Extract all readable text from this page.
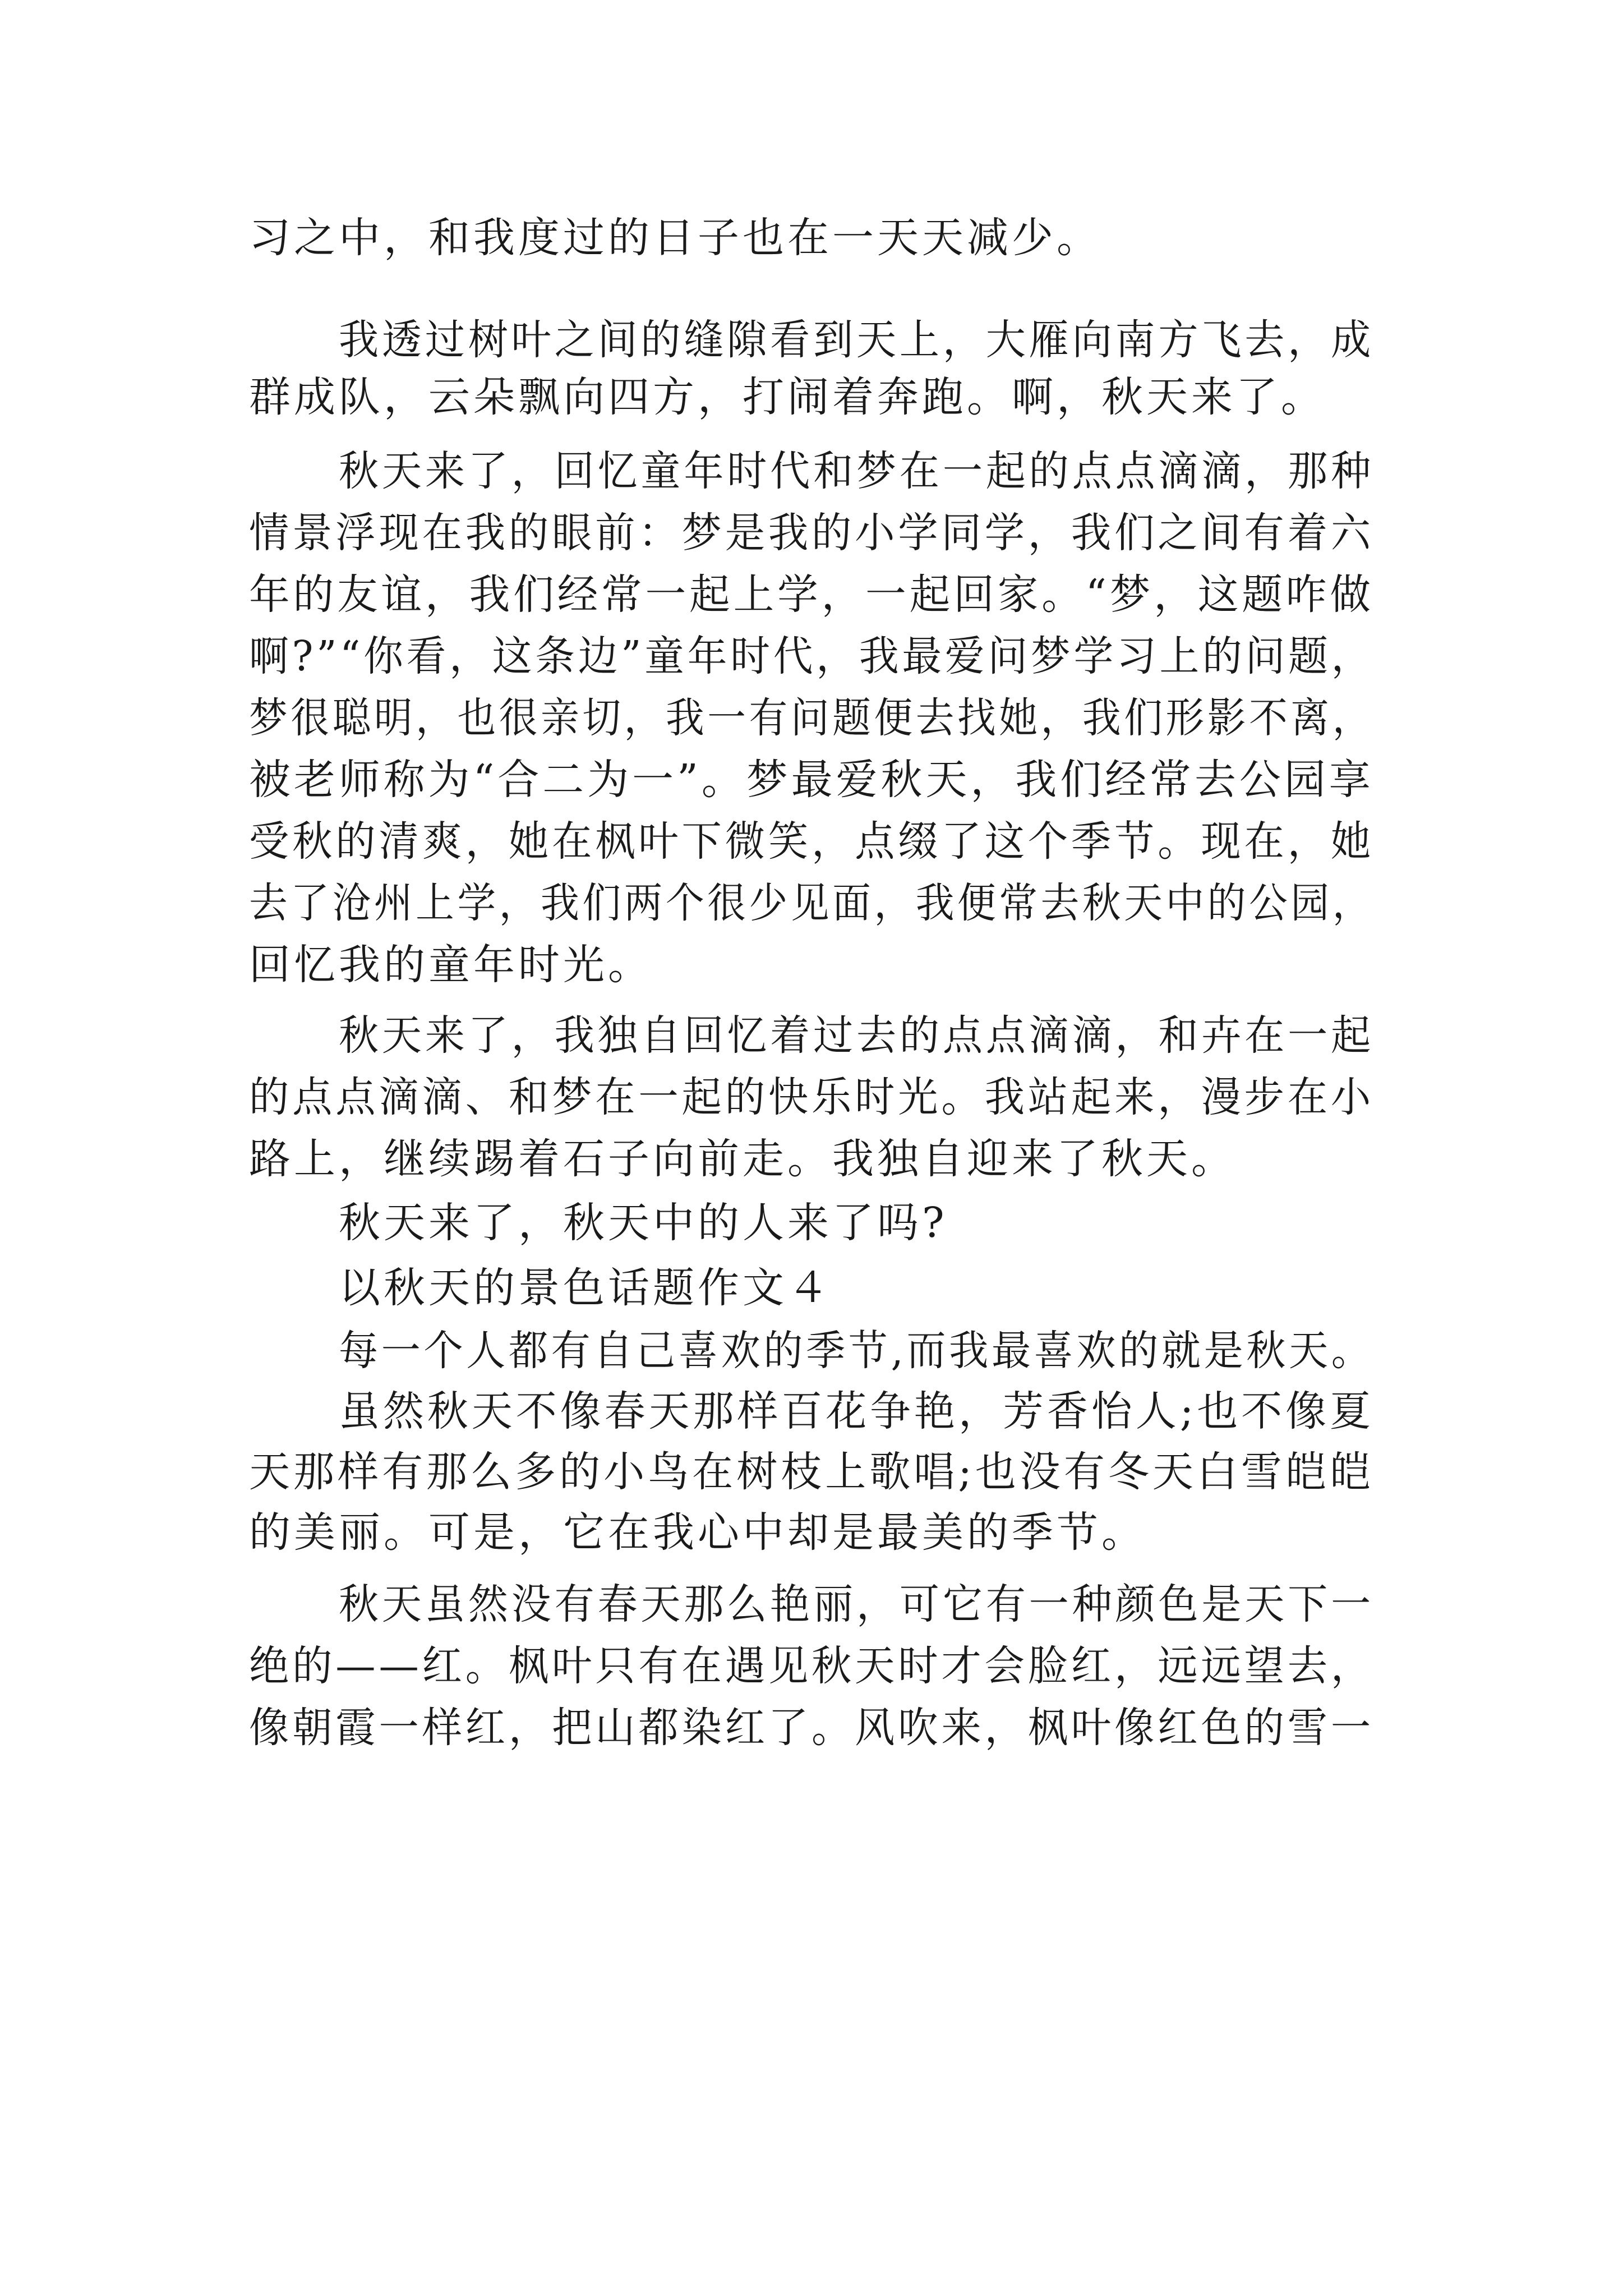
习之中，和我度过的日子也在一天天减少。
我透过树叶之间的缝隙看到天上，大雁向南方飞去，成
群成队，云朵飘向四方，打闹着奔跑。啊，秋天来了。
秋天来了，回忆童年时代和梦在一起的点点滴滴，那种
情景浮现在我的眼前：梦是我的小学同学，我们之间有着六
年的友谊，我们经常一起上学，一起回家。“梦，这题咋做
啊?”“你看，这条边”童年时代，我最爱问梦学习上的问题，
梦很聪明，也很亲切，我一有问题便去找她，我们形影不离，
被老师称为“合二为一”。梦最爱秋天，我们经常去公园享
受秋的清爽，她在枫叶下微笑，点缀了这个季节。现在，她
去了沧州上学，我们两个很少见面，我便常去秋天中的公园，
回忆我的童年时光。
秋天来了，我独自回忆着过去的点点滴滴，和卉在一起
的点点滴滴、和梦在一起的快乐时光。我站起来，漫步在小
路上，继续踢着石子向前走。我独自迎来了秋天。
秋天来了，秋天中的人来了吗?
以秋天的景色话题作文４
每一个人都有自己喜欢的季节,而我最喜欢的就是秋天。
虽然秋天不像春天那样百花争艳，芳香怡人;也不像夏
天那样有那么多的小鸟在树枝上歌唱;也没有冬天白雪皑皑
的美丽。可是，它在我心中却是最美的季节。
秋天虽然没有春天那么艳丽，可它有一种颜色是天下一
绝的——红。枫叶只有在遇见秋天时才会脸红，远远望去，
像朝霞一样红，把山都染红了。风吹来，枫叶像红色的雪一
